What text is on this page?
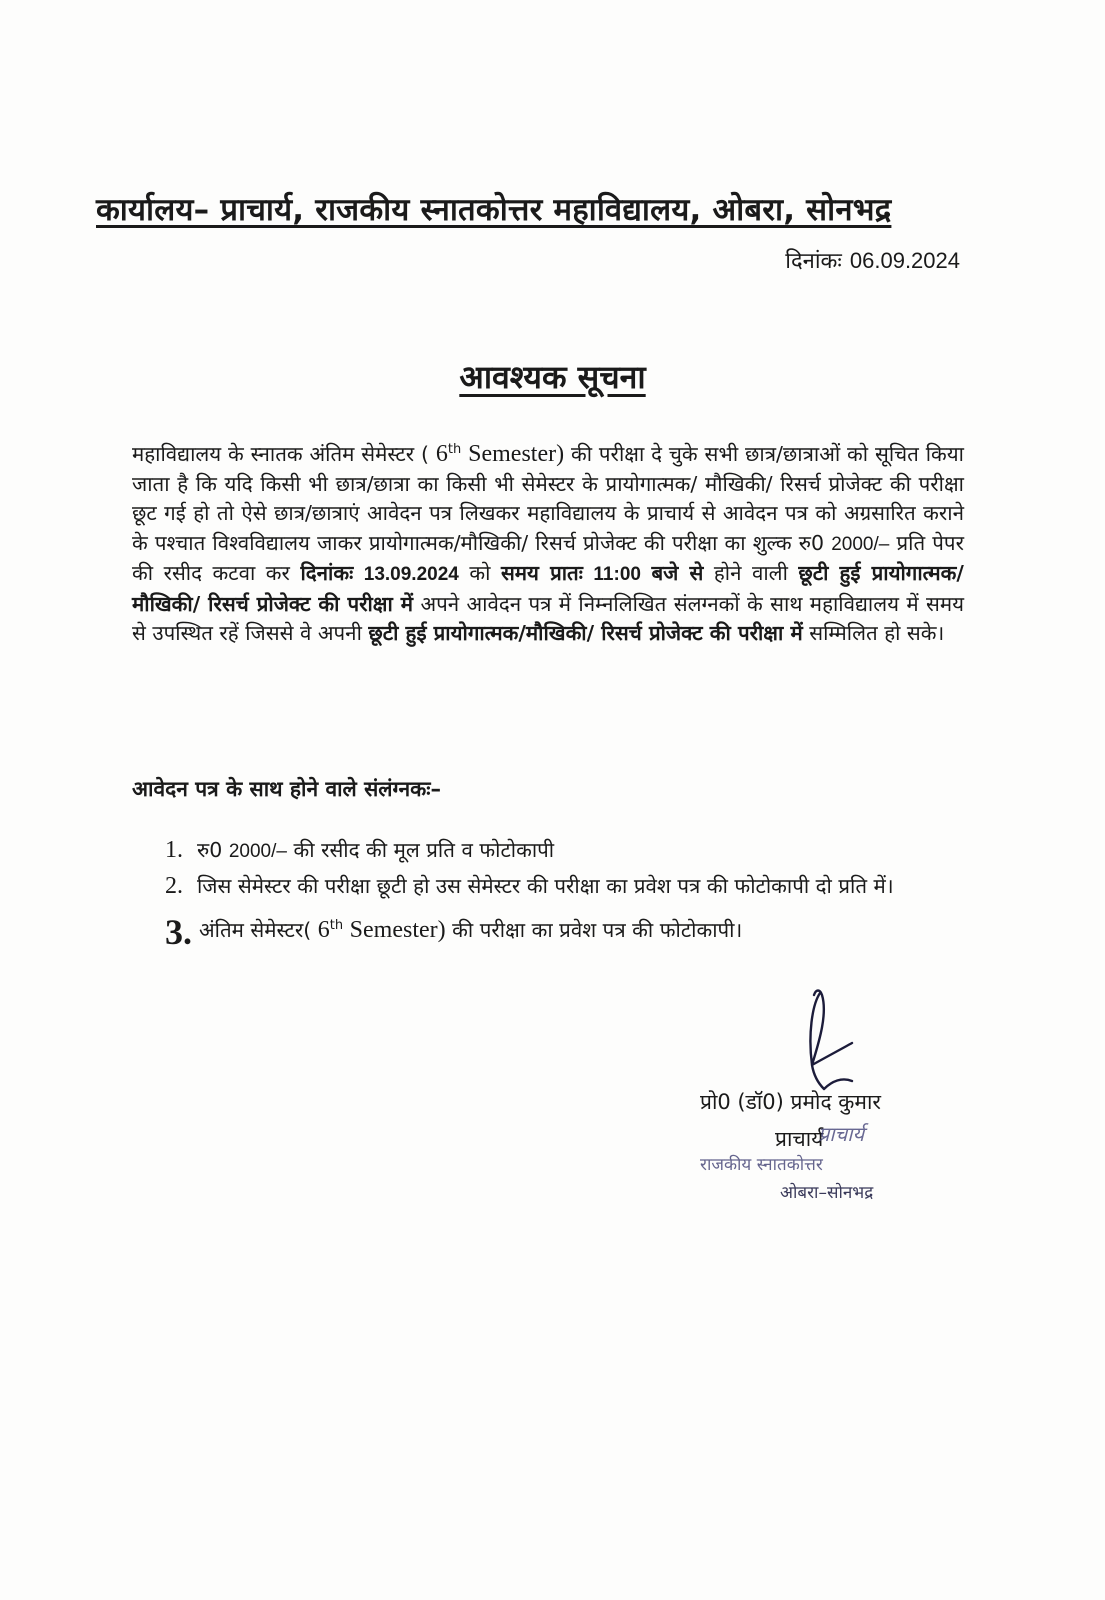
कार्यालय– प्राचार्य, राजकीय स्नातकोत्तर महाविद्यालय, ओबरा, सोनभद्र
दिनांकः 06.09.2024
आवश्यक सूचना
महाविद्यालय के स्नातक अंतिम सेमेस्टर ( 6th Semester) की परीक्षा दे चुके सभी छात्र/छात्राओं को सूचित किया जाता है कि यदि किसी भी छात्र/छात्रा का किसी भी सेमेस्टर के प्रायोगात्मक/ मौखिकी/ रिसर्च प्रोजेक्ट की परीक्षा छूट गई हो तो ऐसे छात्र/छात्राएं आवेदन पत्र लिखकर महाविद्यालय के प्राचार्य से आवेदन पत्र को अग्रसारित कराने के पश्चात विश्वविद्यालय जाकर प्रायोगात्मक/मौखिकी/ रिसर्च प्रोजेक्ट की परीक्षा का शुल्क रु0 2000/– प्रति पेपर की रसीद कटवा कर दिनांकः 13.09.2024 को समय प्रातः 11:00 बजे से होने वाली छूटी हुई प्रायोगात्मक/मौखिकी/ रिसर्च प्रोजेक्ट की परीक्षा में अपने आवेदन पत्र में निम्नलिखित संलग्नकों के साथ महाविद्यालय में समय से उपस्थित रहें जिससे वे अपनी छूटी हुई प्रायोगात्मक/मौखिकी/ रिसर्च प्रोजेक्ट की परीक्षा में सम्मिलित हो सके।
आवेदन पत्र के साथ होने वाले संलंग्नकः–
1. रु0 2000/– की रसीद की मूल प्रति व फोटोकापी
2. जिस सेमेस्टर की परीक्षा छूटी हो उस सेमेस्टर की परीक्षा का प्रवेश पत्र की फोटोकापी दो प्रति में।
3. अंतिम सेमेस्टर( 6th Semester) की परीक्षा का प्रवेश पत्र की फोटोकापी।
प्रो0 (डॉ0) प्रमोद कुमार
प्राचार्य
प्राचार्य
राजकीय स्नातकोत्तर
ओबरा–सोनभद्र
